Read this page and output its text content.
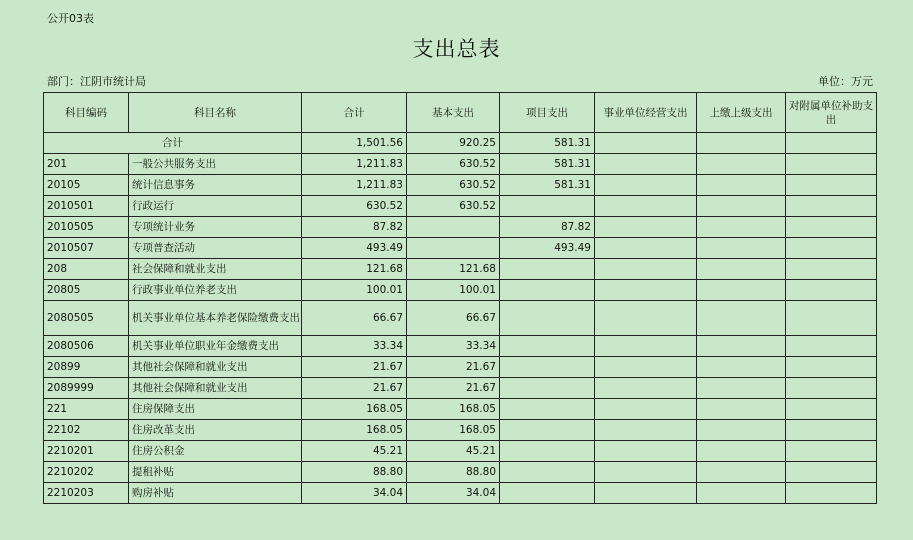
公开03表
支出总表
部门：江阴市统计局	单位：万元
科目编码	科目名称	合计	基本支出	项目支出	事业单位经营支出	上缴上级支出	对附属单位补助支出
合计		1,501.56	920.25	581.31			
201	一般公共服务支出	1,211.83	630.52	581.31			
20105	统计信息事务	1,211.83	630.52	581.31			
2010501	行政运行	630.52	630.52				
2010505	专项统计业务	87.82		87.82			
2010507	专项普查活动	493.49		493.49			
208	社会保障和就业支出	121.68	121.68				
20805	行政事业单位养老支出	100.01	100.01				
2080505	机关事业单位基本养老保险缴费支出	66.67	66.67				
2080506	机关事业单位职业年金缴费支出	33.34	33.34				
20899	其他社会保障和就业支出	21.67	21.67				
2089999	其他社会保障和就业支出	21.67	21.67				
221	住房保障支出	168.05	168.05				
22102	住房改革支出	168.05	168.05				
2210201	住房公积金	45.21	45.21				
2210202	提租补贴	88.80	88.80				
2210203	购房补贴	34.04	34.04				
